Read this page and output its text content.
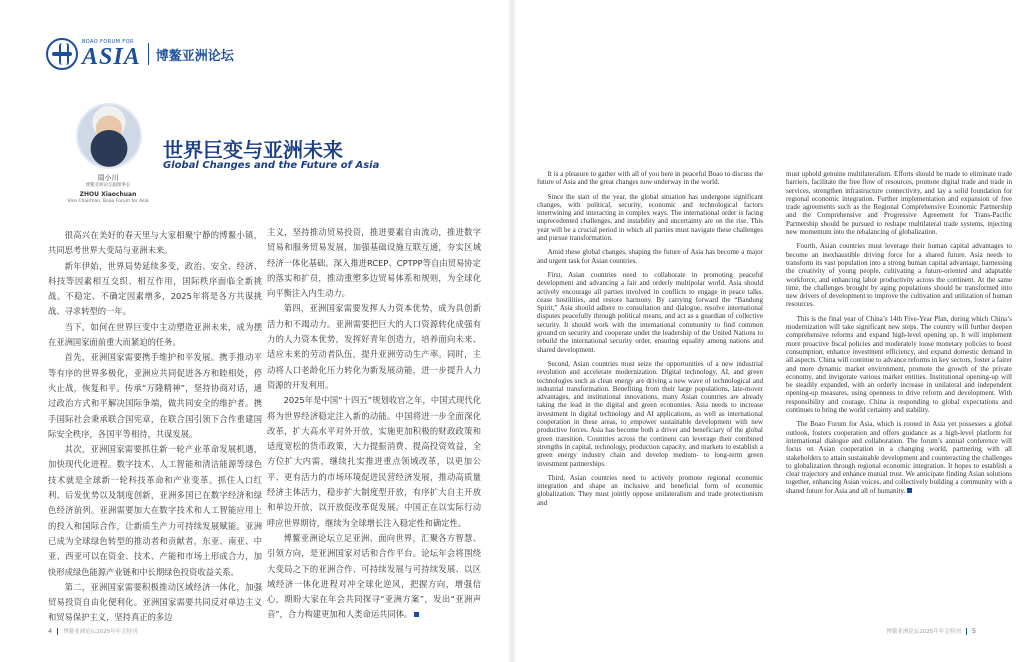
BOAO FORUM FOR
ASIA 博鳌亚洲论坛
周小川
博鳌亚洲论坛副理事长
ZHOU Xiaochuan
Vice Chairman, Boao Forum for Asia
世界巨变与亚洲未来
Global Changes and the Future of Asia

很高兴在美好的春天里与大家相聚宁静的博鳌小镇，共同思考世界大变局与亚洲未来。

新年伊始，世界局势延续多变，政治、安全、经济、科技等因素相互交织、相互作用，国际秩序面临全新挑战。不稳定、不确定因素增多，2025年将是各方共谋挑战、寻求转型的一年。

当下，如何在世界巨变中主动塑造亚洲未来，成为摆在亚洲国家面前重大而紧迫的任务。

首先，亚洲国家需要携手维护和平发展。携手推动平等有序的世界多极化，亚洲应共同促进各方和睦相处，停火止战，恢复和平。传承“万隆精神”，坚持协商对话，通过政治方式和平解决国际争端，做共同安全的维护者。携手国际社会秉承联合国宪章，在联合国引领下合作重建国际安全秩序，各国平等相待，共谋发展。

其次，亚洲国家需要抓住新一轮产业革命发展机遇，加快现代化进程。数字技术、人工智能和清洁能源等绿色技术就是全球新一轮科技革命和产业变革。抓住人口红利、后发优势以及制度创新，亚洲多国已在数字经济和绿色经济前列。亚洲需要加大在数字技术和人工智能应用上的投入和国际合作，让新质生产力可持续发展赋能。亚洲已成为全球绿色转型的推动者和贡献者，东亚、南亚、中亚、西亚可以在资金、技术、产能和市场上形成合力，加快形成绿色能源产业链和中长期绿色投资收益关系。

第二，亚洲国家需要积极推动区域经济一体化，加强贸易投资自由化便利化。亚洲国家需要共同反对单边主义和贸易保护主义，坚持真正的多边

主义，坚持推动贸易投资，推进要素自由流动，推进数字贸易和服务贸易发展，加强基础设施互联互通，夯实区域经济一体化基础。深入推进RCEP、CPTPP等自由贸易协定的落实和扩员，推动重塑多边贸易体系和规则，为全球化向平衡注入内生动力。

第四，亚洲国家需要发挥人力资本优势，成为具创新活力和不竭动力。亚洲需要把巨大的人口资源转化成强有力的人力资本优势，发挥好青年创造力，培养面向未来、适应未来的劳动者队伍，提升亚洲劳动生产率。同时，主动将人口老龄化压力转化为新发展动能，进一步提升人力资源的开发利用。

2025年是中国“十四五”规划收官之年，中国式现代化将为世界经济稳定注入新的动能。中国将进一步全面深化改革，扩大高水平对外开放，实施更加积极的财政政策和适度宽松的货币政策，大力提振消费、提高投资效益，全方位扩大内需，继续扎实推进重点领域改革，以更加公平、更有活力的市场环境促进民营经济发展，推动高质量经济主体活力，稳步扩大制度型开放，有序扩大自主开放和单边开放，以开放促改革促发展。中国正在以实际行动呼应世界期待，继续为全球增长注入稳定性和确定性。

博鳌亚洲论坛立足亚洲、面向世界，汇聚各方智慧、引领方向，是亚洲国家对话和合作平台。论坛年会将围绕大变局之下的亚洲合作、可持续发展与可持续发展、以区域经济一体化进程对冲全球化逆风，把握方向，增强信心，期盼大家在年会共同探寻“亚洲方案”，发出“亚洲声音”，合力构建更加和人类命运共同体。

It is a pleasure to gather with all of you here in peaceful Boao to discuss the future of Asia and the great changes now underway in the world.

Since the start of the year, the global situation has undergone significant changes, with political, security, economic and technological factors intertwining and interacting in complex ways. The international order is facing unprecedented challenges, and instability and uncertainty are on the rise. This year will be a crucial period in which all parties must navigate these challenges and pursue transformation.

Amid these global changes, shaping the future of Asia has become a major and urgent task for Asian countries.

First, Asian countries need to collaborate in promoting peaceful development and advancing a fair and orderly multipolar world. Asia should actively encourage all parties involved in conflicts to engage in peace talks, cease hostilities, and restore harmony. By carrying forward the “Bandung Spirit,” Asia should adhere to consultation and dialogue, resolve international disputes peacefully through political means, and act as a guardian of collective security. It should work with the international community to find common ground on security and cooperate under the leadership of the United Nations to rebuild the international security order, ensuring equality among nations and shared development.

Second, Asian countries must seize the opportunities of a new industrial revolution and accelerate modernization. Digital technology, AI, and green technologies such as clean energy are driving a new wave of technological and industrial transformation. Benefiting from their large populations, late-mover advantages, and institutional innovations, many Asian countries are already taking the lead in the digital and green economies. Asia needs to increase investment in digital technology and AI applications, as well as international cooperation in these areas, to empower sustainable development with new productive forces. Asia has become both a driver and beneficiary of the global green transition. Countries across the continent can leverage their combined strengths in capital, technology, production capacity, and markets to establish a green energy industry chain and develop medium- to long-term green investment partnerships.

Third, Asian countries need to actively promote regional economic integration and shape an inclusive and beneficial form of economic globalization. They must jointly oppose unilateralism and trade protectionism and

must uphold genuine multilateralism. Efforts should be made to eliminate trade barriers, facilitate the free flow of resources, promote digital trade and trade in services, strengthen infrastructure connectivity, and lay a solid foundation for regional economic integration. Further implementation and expansion of free trade agreements such as the Regional Comprehensive Economic Partnership and the Comprehensive and Progressive Agreement for Trans-Pacific Partnership should be pursued to reshape multilateral trade systems, injecting new momentum into the rebalancing of globalization.

Fourth, Asian countries must leverage their human capital advantages to become an inexhaustible driving force for a shared future. Asia needs to transform its vast population into a strong human capital advantage, harnessing the creativity of young people, cultivating a future-oriented and adaptable workforce, and enhancing labor productivity across the continent. At the same time, the challenges brought by aging populations should be transformed into new drivers of development to improve the cultivation and utilization of human resources.

This is the final year of China’s 14th Five-Year Plan, during which China’s modernization will take significant new steps. The country will further deepen comprehensive reforms and expand high-level opening up. It will implement more proactive fiscal policies and moderately loose monetary policies to boost consumption, enhance investment efficiency, and expand domestic demand in all aspects. China will continue to advance reforms in key sectors, foster a fairer and more dynamic market environment, promote the growth of the private economy, and invigorate various market entities. Institutional opening-up will be steadily expanded, with an orderly increase in unilateral and independent opening-up measures, using openness to drive reform and development. With responsibility and courage, China is responding to global expectations and continues to bring the world certainty and stability.

The Boao Forum for Asia, which is rooted in Asia yet possesses a global outlook, fosters cooperation and offers guidance as a high-level platform for international dialogue and collaboration. The forum’s annual conference will focus on Asian cooperation in a changing world, partnering with all stakeholders to attain sustainable development and counteracting the challenges to globalization through regional economic integration. It hopes to establish a clear trajectory and enhance mutual trust. We anticipate finding Asian solutions together, enhancing Asian voices, and collectively building a community with a shared future for Asia and all of humanity.

4 博鳌亚洲论坛2025年年会特刊	博鳌亚洲论坛2025年年会特刊 5
